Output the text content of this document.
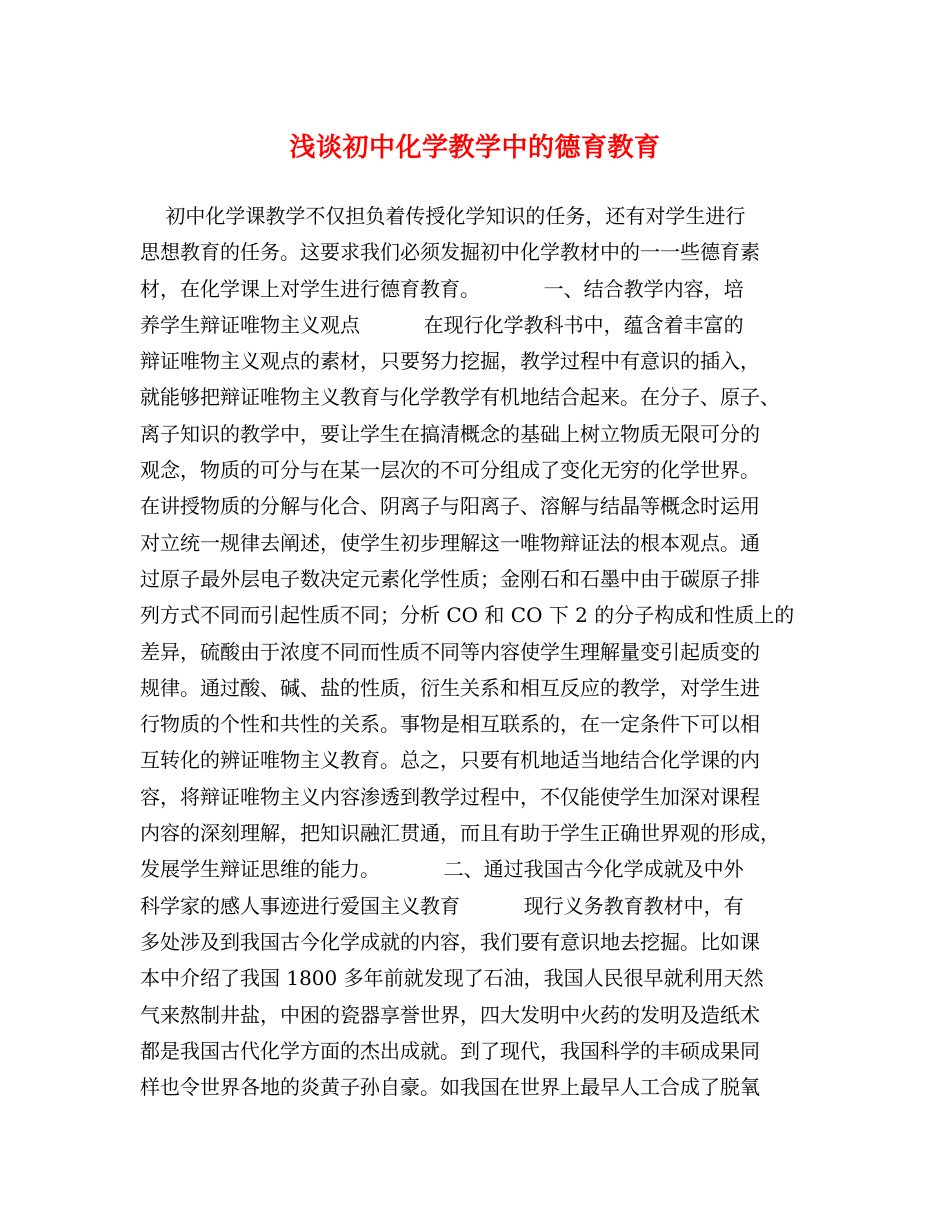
浅谈初中化学教学中的德育教育
初中化学课教学不仅担负着传授化学知识的任务，还有对学生进行
思想教育的任务。这要求我们必须发掘初中化学教材中的一一些德育素
材，在化学课上对学生进行德育教育。          一、结合教学内容，培
养学生辩证唯物主义观点          在现行化学教科书中，蕴含着丰富的
辩证唯物主义观点的素材，只要努力挖掘，教学过程中有意识的插入，
就能够把辩证唯物主义教育与化学教学有机地结合起来。在分子、原子、
离子知识的教学中，要让学生在搞清概念的基础上树立物质无限可分的
观念，物质的可分与在某一层次的不可分组成了变化无穷的化学世界。
在讲授物质的分解与化合、阴离子与阳离子、溶解与结晶等概念时运用
对立统一规律去阐述，使学生初步理解这一唯物辩证法的根本观点。通
过原子最外层电子数决定元素化学性质；金刚石和石墨中由于碳原子排
列方式不同而引起性质不同；分析 CO 和 CO 下 2 的分子构成和性质上的
差异，硫酸由于浓度不同而性质不同等内容使学生理解量变引起质变的
规律。通过酸、碱、盐的性质，衍生关系和相互反应的教学，对学生进
行物质的个性和共性的关系。事物是相互联系的，在一定条件下可以相
互转化的辨证唯物主义教育。总之，只要有机地适当地结合化学课的内
容，将辩证唯物主义内容渗透到教学过程中，不仅能使学生加深对课程
内容的深刻理解，把知识融汇贯通，而且有助于学生正确世界观的形成，
发展学生辩证思维的能力。          二、通过我国古今化学成就及中外
科学家的感人事迹进行爱国主义教育          现行义务教育教材中，有
多处涉及到我国古今化学成就的内容，我们要有意识地去挖掘。比如课
本中介绍了我国 1800 多年前就发现了石油，我国人民很早就利用天然
气来熬制井盐，中困的瓷器享誉世界，四大发明中火药的发明及造纸术
都是我国古代化学方面的杰出成就。到了现代，我国科学的丰硕成果同
样也令世界各地的炎黄子孙自豪。如我国在世界上最早人工合成了脱氧
